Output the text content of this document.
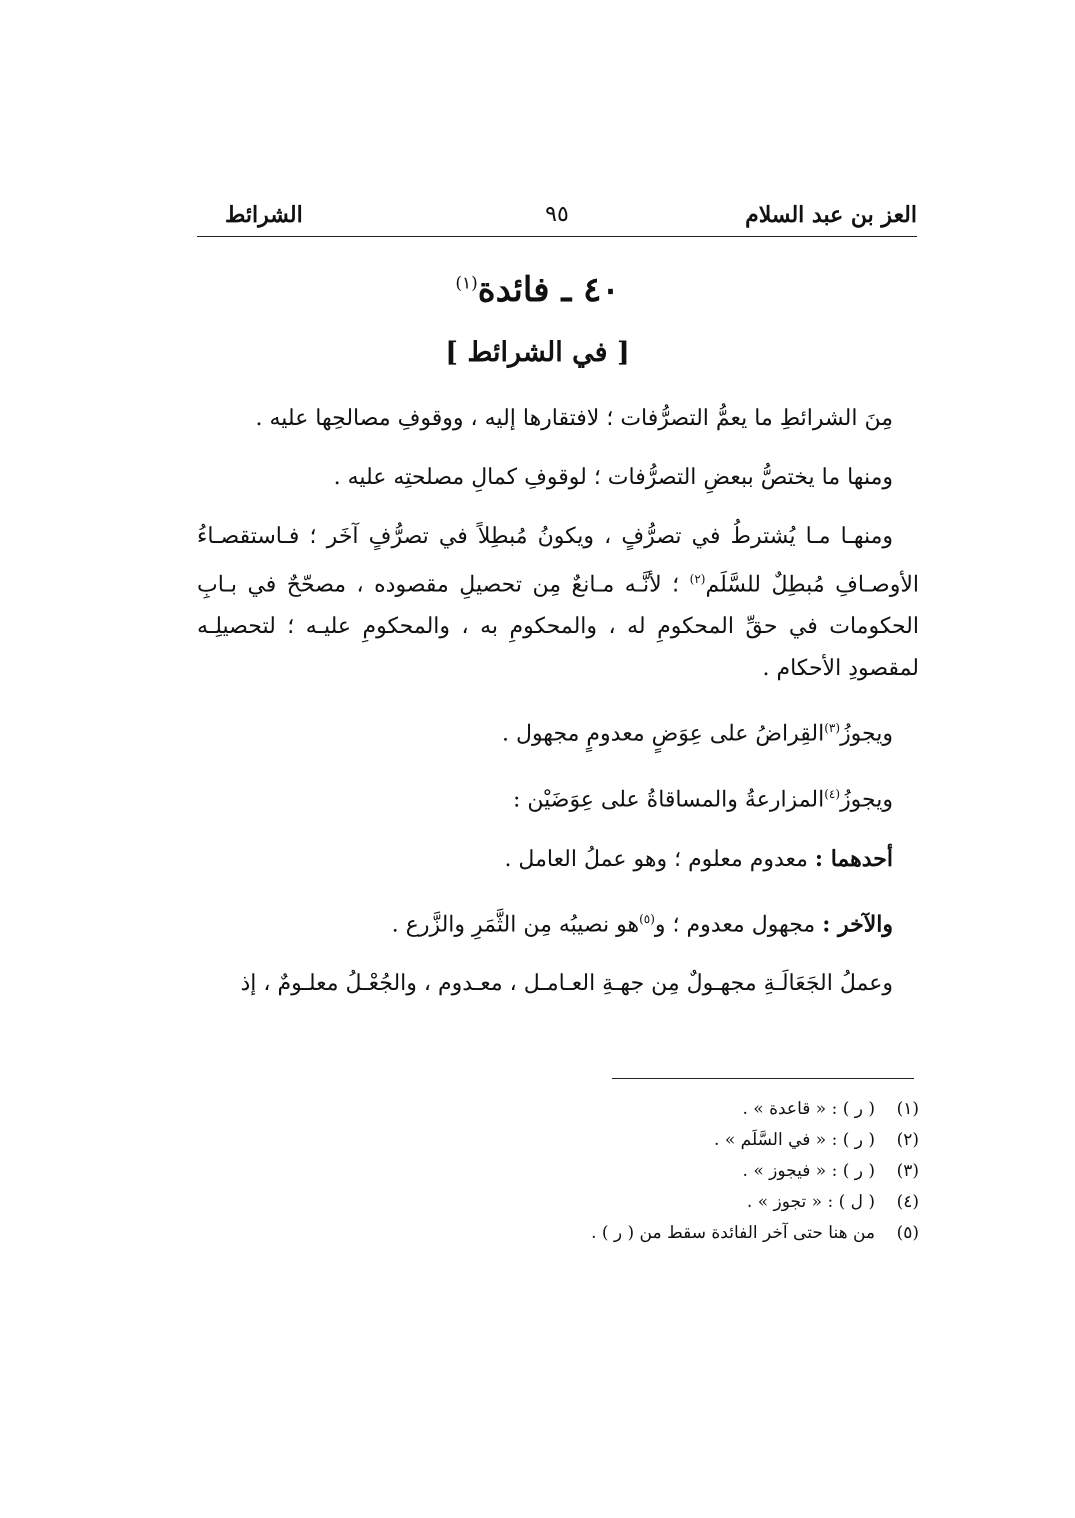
العز بن عبد السلام
٩٥
الشرائط
٤٠ ـ فائدة$^{(١)}$
[ في الشرائط ]

مِنَ الشرائطِ ما يعمُّ التصرُّفات ؛ لافتقارها إليه ، ووقوفِ مصالحِها عليه .

ومنها ما يختصُّ ببعضِ التصرُّفات ؛ لوقوفِ كمالِ مصلحتِه عليه .

ومنهـا مـا يُشترطُ في تصرُّفٍ ، ويكونُ مُبطِلاً في تصرُّفٍ آخَر ؛ فـاستقصـاءُ الأوصـافِ مُبطِلٌ للسَّلَم$^{(٢)}$ ؛ لأنَّـه مـانعٌ مِن تحصيلِ مقصوده ، مصحّحٌ في بـابِ الحكومات في حقِّ المحكومِ له ، والمحكومِ به ، والمحكومِ عليـه ؛ لتحصيلِـه لمقصودِ الأحكام .

ويجوزُ$^{(٣)}$القِراضُ على عِوَضٍ معدومٍ مجهول .

ويجوزُ$^{(٤)}$المزارعةُ والمساقاةُ على عِوَضَيْن :

أحدهما : معدوم معلوم ؛ وهو عملُ العامل .

والآخر : مجهول معدوم ؛ و$^{(٥)}$هو نصيبُه مِن الثَّمَرِ والزَّرع .

وعملُ الجَعَالَـةِ مجهـولٌ مِن جهـةِ العـامـل ، معـدوم ، والجُعْـلُ معلـومٌ ، إذ

(١)( ر ) : « قاعدة » .
(٢)( ر ) : « في السَّلَم » .
(٣)( ر ) : « فيجوز » .
(٤)( ل ) : « تجوز » .
(٥)من هنا حتى آخر الفائدة سقط من ( ر ) .
